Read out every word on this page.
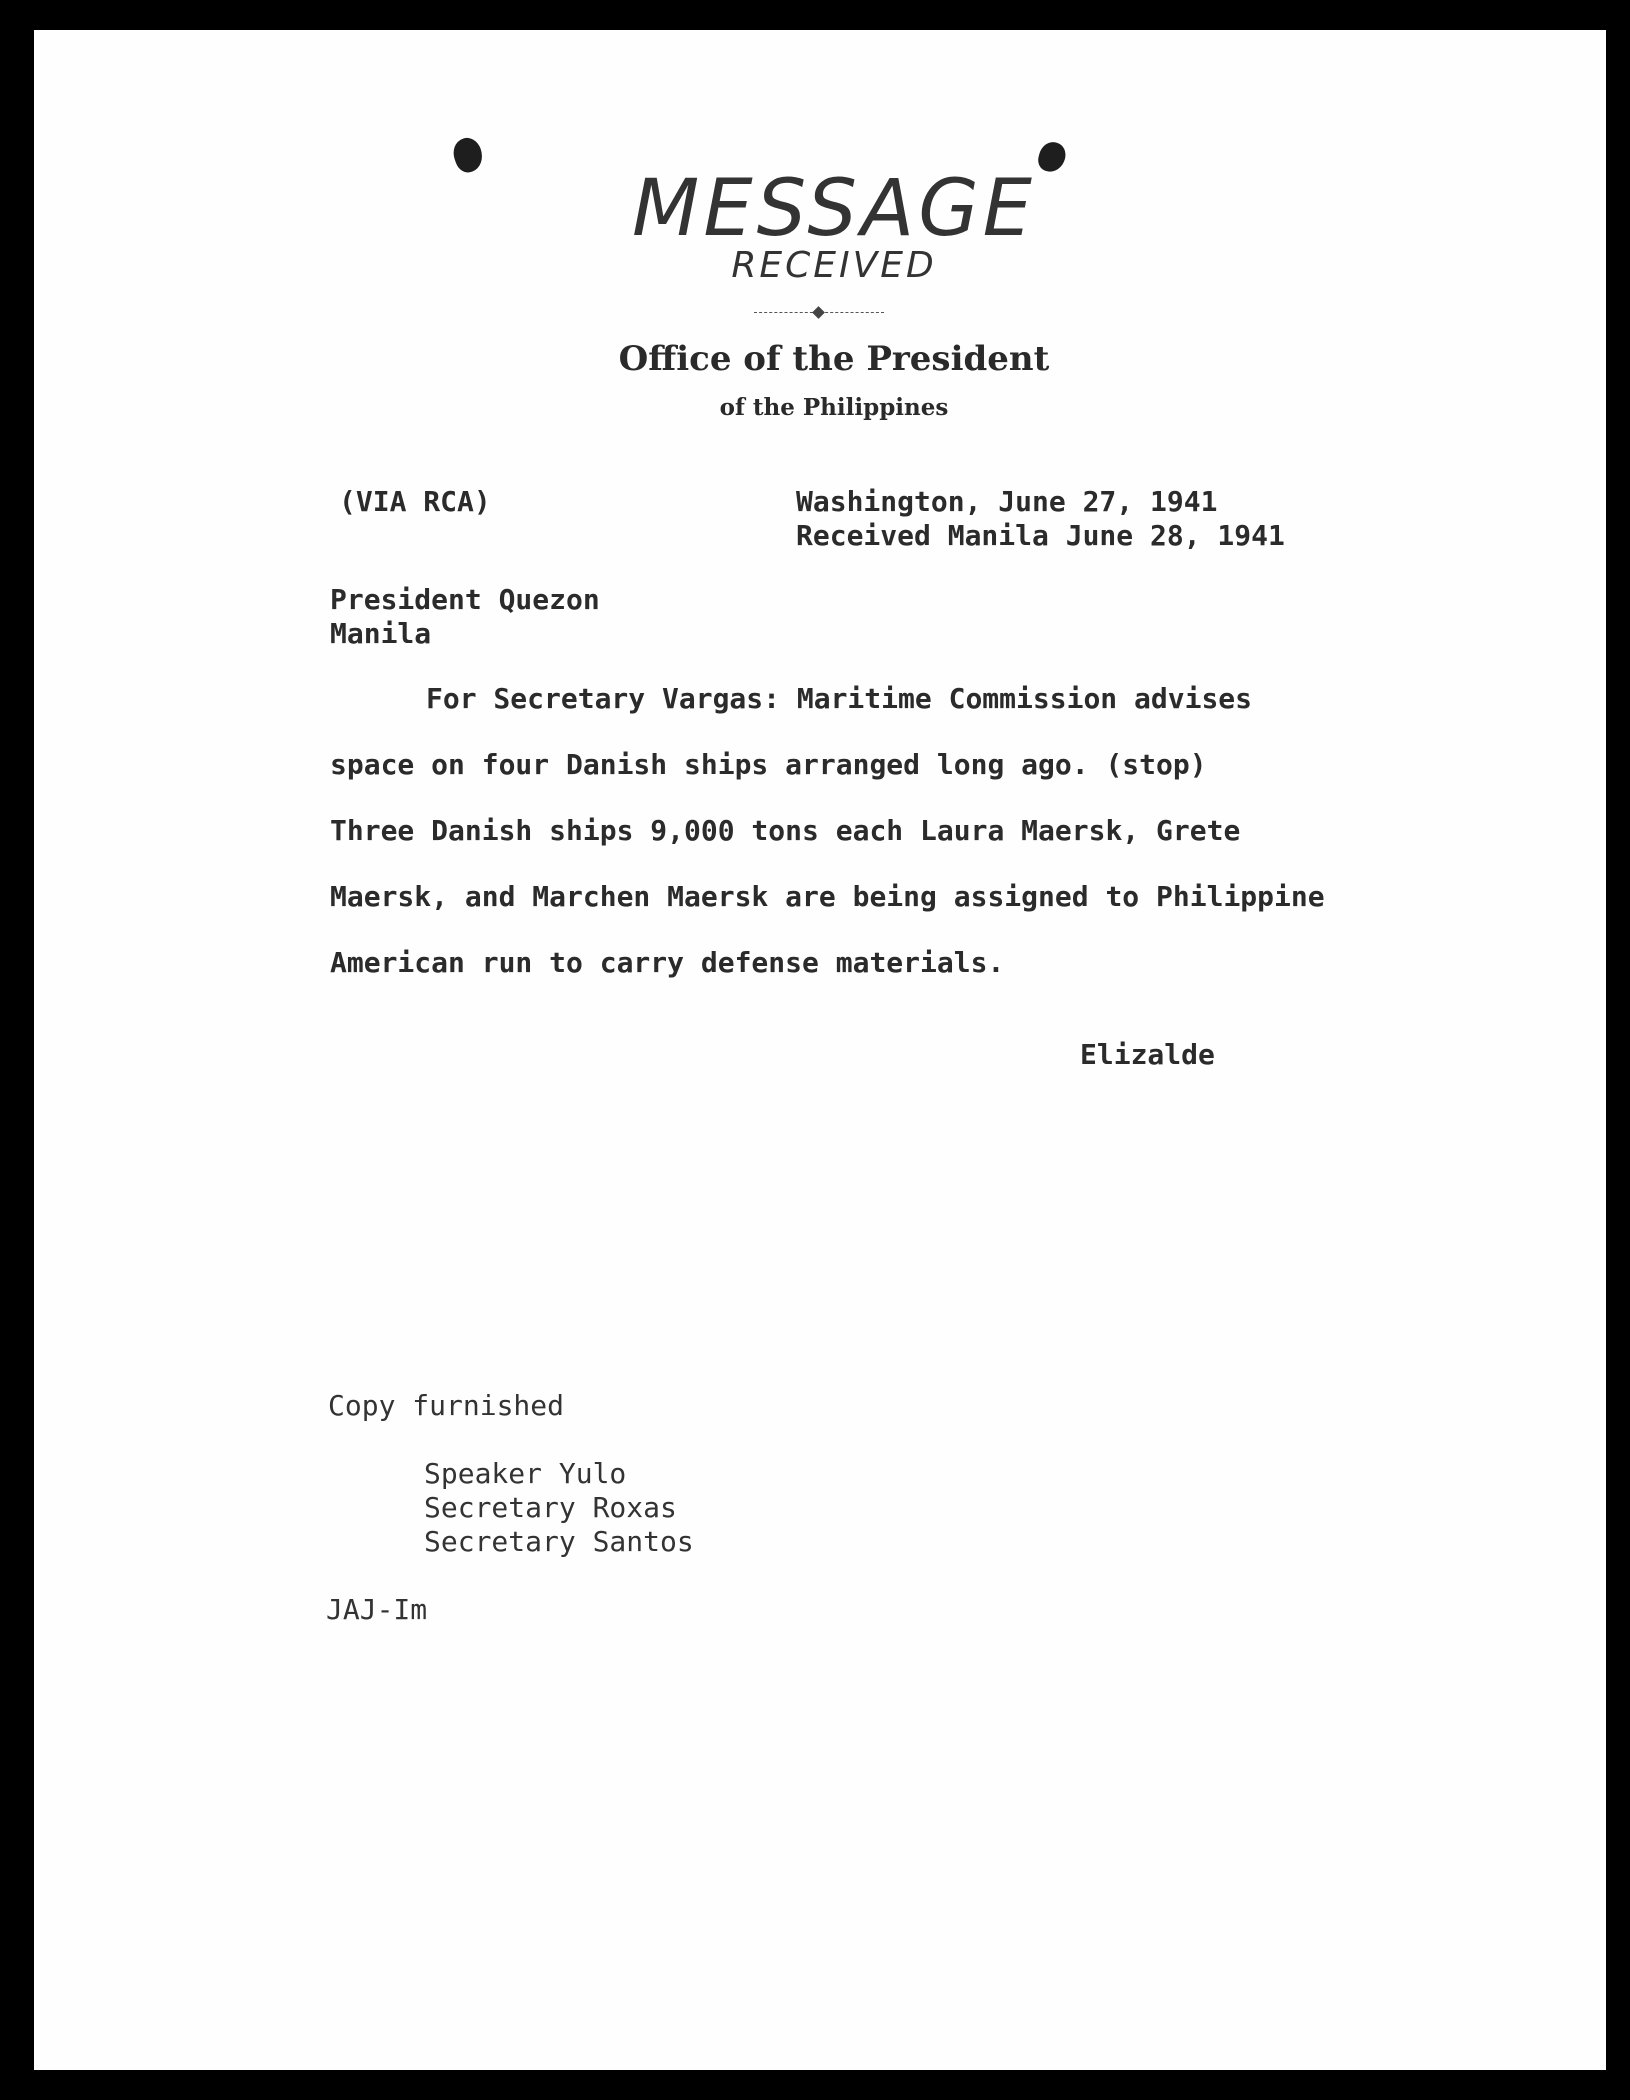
MESSAGE
RECEIVED
Office of the President
of the Philippines
(VIA RCA)	Washington, June 27, 1941
Received Manila June 28, 1941
President Quezon
Manila
For Secretary Vargas: Maritime Commission advises
space on four Danish ships arranged long ago. (stop)
Three Danish ships 9,000 tons each Laura Maersk, Grete
Maersk, and Marchen Maersk are being assigned to Philippine
American run to carry defense materials.
Elizalde
Copy furnished
Speaker Yulo
Secretary Roxas
Secretary Santos
JAJ-Im
